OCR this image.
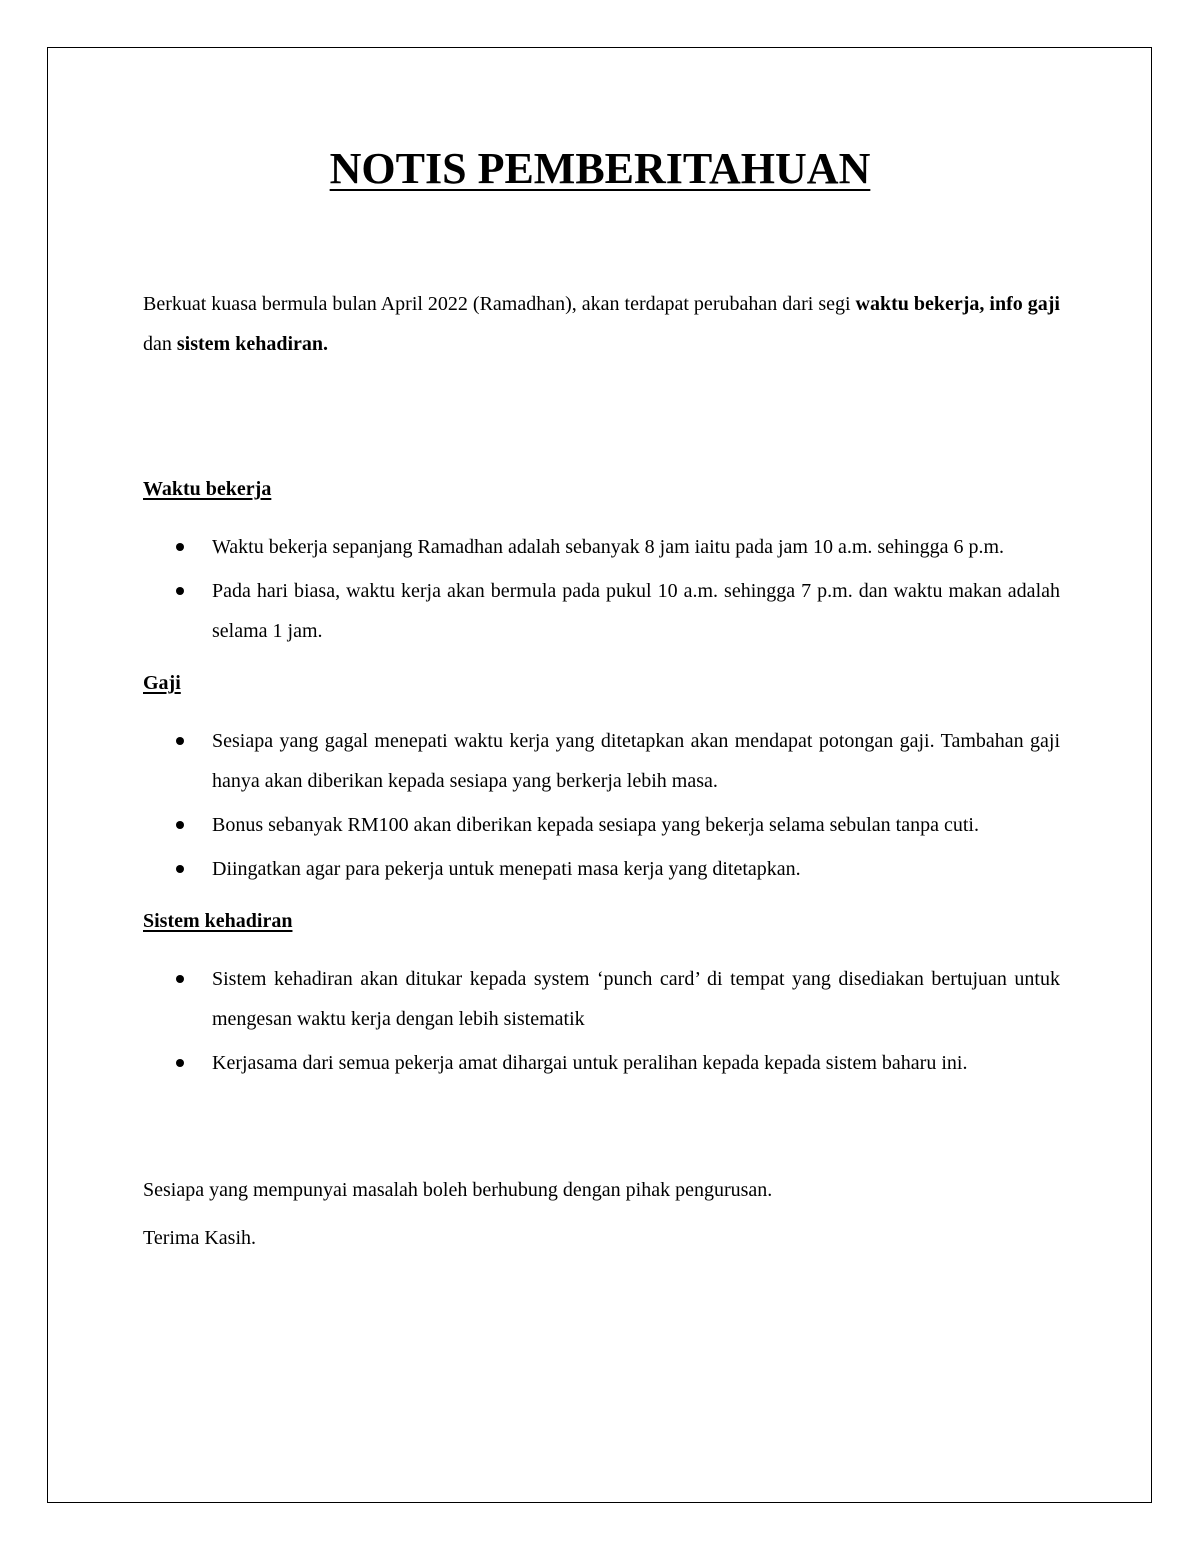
NOTIS PEMBERITAHUAN

Berkuat kuasa bermula bulan April 2022 (Ramadhan), akan terdapat perubahan dari segi waktu bekerja, info gaji dan sistem kehadiran.

Waktu bekerja

Waktu bekerja sepanjang Ramadhan adalah sebanyak 8 jam iaitu pada jam 10 a.m. sehingga 6 p.m.
Pada hari biasa, waktu kerja akan bermula pada pukul 10 a.m. sehingga 7 p.m. dan waktu makan adalah selama 1 jam.

Gaji

Sesiapa yang gagal menepati waktu kerja yang ditetapkan akan mendapat potongan gaji. Tambahan gaji hanya akan diberikan kepada sesiapa yang berkerja lebih masa.
Bonus sebanyak RM100 akan diberikan kepada sesiapa yang bekerja selama sebulan tanpa cuti.
Diingatkan agar para pekerja untuk menepati masa kerja yang ditetapkan.

Sistem kehadiran

Sistem kehadiran akan ditukar kepada system ‘punch card’ di tempat yang disediakan bertujuan untuk mengesan waktu kerja dengan lebih sistematik
Kerjasama dari semua pekerja amat dihargai untuk peralihan kepada kepada sistem baharu ini.

Sesiapa yang mempunyai masalah boleh berhubung dengan pihak pengurusan.

Terima Kasih.
